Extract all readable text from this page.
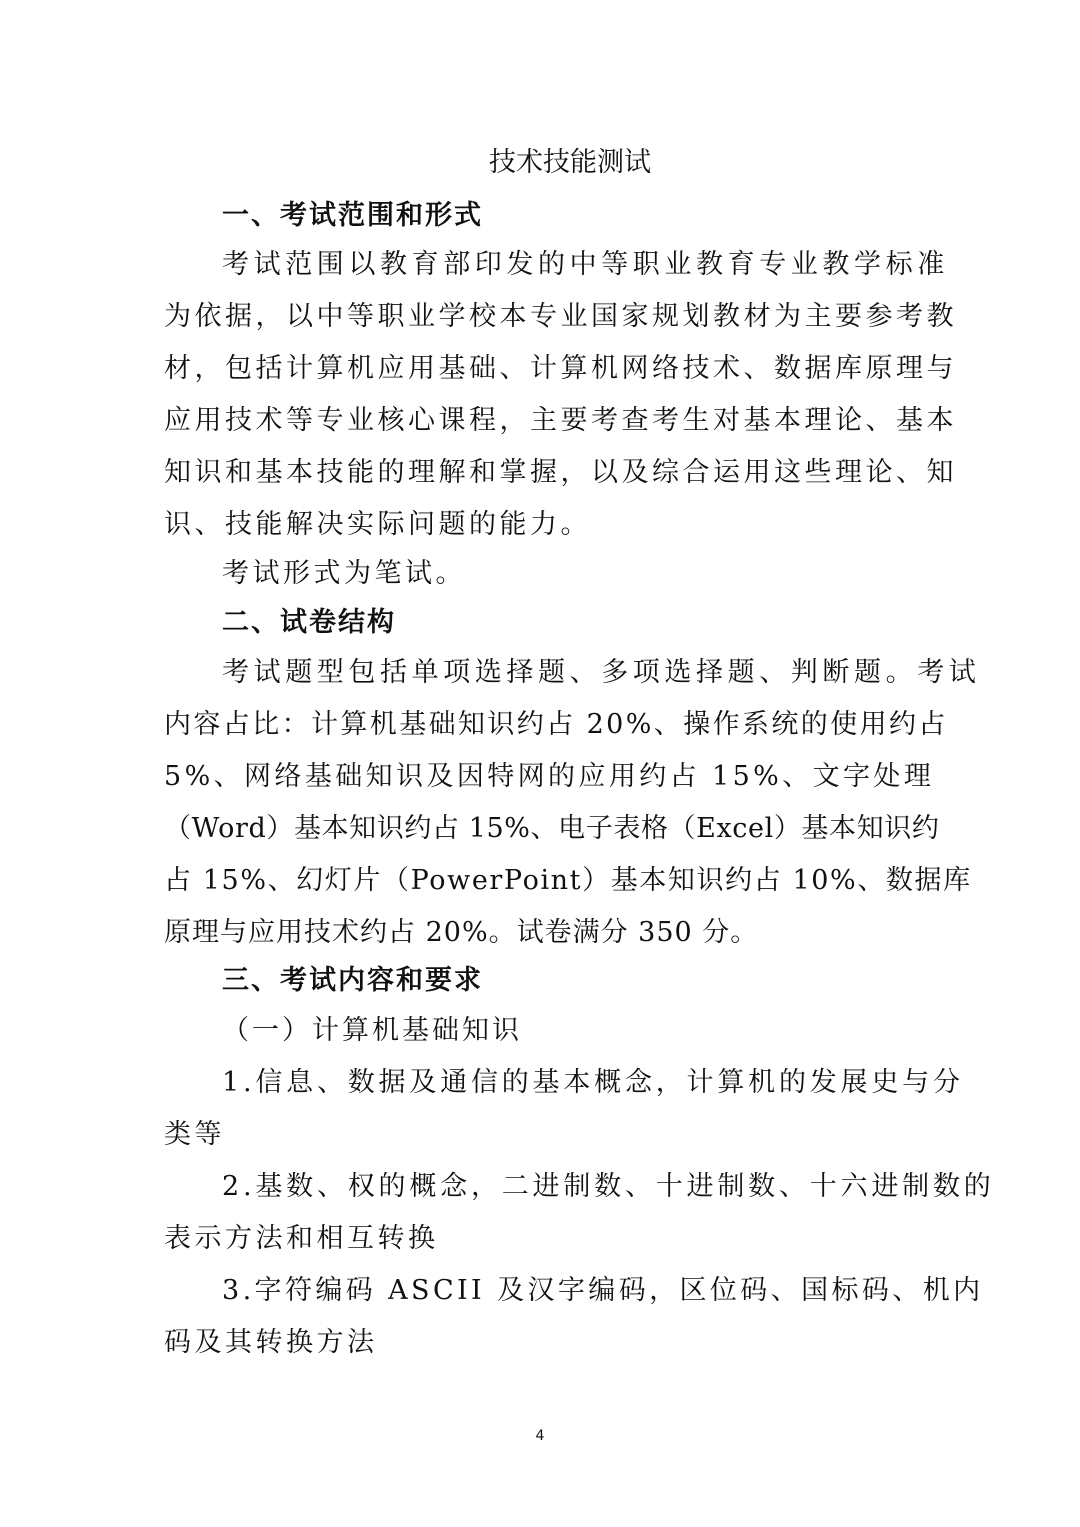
技术技能测试
一、考试范围和形式
考试范围以教育部印发的中等职业教育专业教学标准
为依据，以中等职业学校本专业国家规划教材为主要参考教
材，包括计算机应用基础、计算机网络技术、数据库原理与
应用技术等专业核心课程，主要考查考生对基本理论、基本
知识和基本技能的理解和掌握，以及综合运用这些理论、知
识、技能解决实际问题的能力。
考试形式为笔试。
二、试卷结构
考试题型包括单项选择题、多项选择题、判断题。考试
内容占比：计算机基础知识约占 20%、操作系统的使用约占
5%、网络基础知识及因特网的应用约占 15%、文字处理
（Word）基本知识约占 15%、电子表格（Excel）基本知识约
占 15%、幻灯片（PowerPoint）基本知识约占 10%、数据库
原理与应用技术约占 20%。试卷满分 350 分。
三、考试内容和要求
（一）计算机基础知识
1.信息、数据及通信的基本概念，计算机的发展史与分
类等
2.基数、权的概念，二进制数、十进制数、十六进制数的
表示方法和相互转换
3.字符编码 ASCII 及汉字编码，区位码、国标码、机内
码及其转换方法
4
